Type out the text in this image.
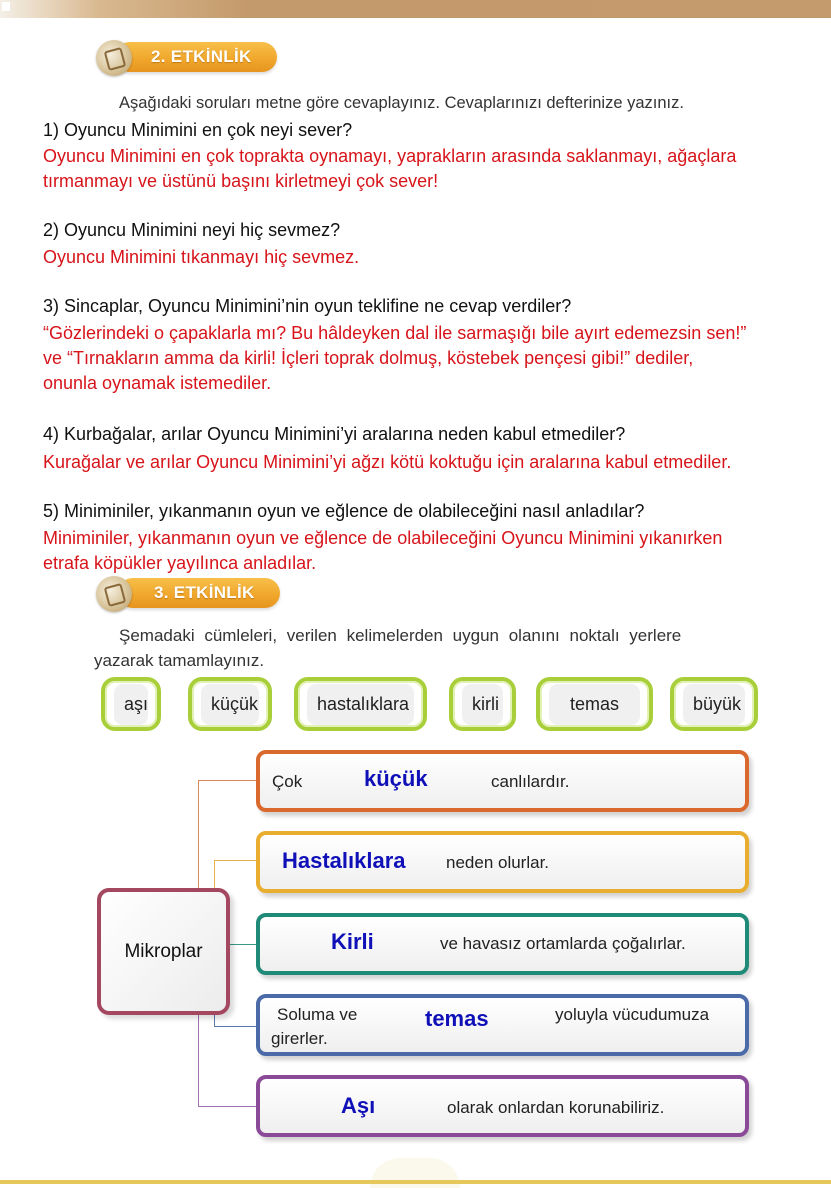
2. ETKİNLİK
Aşağıdaki soruları metne göre cevaplayınız. Cevaplarınızı defterinize yazınız.
1) Oyuncu Minimini en çok neyi sever?
Oyuncu Minimini en çok toprakta oynamayı, yaprakların arasında saklanmayı, ağaçlara
tırmanmayı ve üstünü başını kirletmeyi çok sever!
2) Oyuncu Minimini neyi hiç sevmez?
Oyuncu Minimini tıkanmayı hiç sevmez.
3) Sincaplar, Oyuncu Minimini’nin oyun teklifine ne cevap verdiler?
“Gözlerindeki o çapaklarla mı? Bu hâldeyken dal ile sarmaşığı bile ayırt edemezsin sen!”
ve “Tırnakların amma da kirli! İçleri toprak dolmuş, köstebek pençesi gibi!” dediler,
onunla oynamak istemediler.
4) Kurbağalar, arılar Oyuncu Minimini’yi aralarına neden kabul etmediler?
Kurağalar ve arılar Oyuncu Minimini’yi ağzı kötü koktuğu için aralarına kabul etmediler.
5) Miniminiler, yıkanmanın oyun ve eğlence de olabileceğini nasıl anladılar?
Miniminiler, yıkanmanın oyun ve eğlence de olabileceğini Oyuncu Minimini yıkanırken
etrafa köpükler yayılınca anladılar.
3. ETKİNLİK
Şemadaki cümleleri, verilen kelimelerden uygun olanını noktalı yerlere
yazarak tamamlayınız.
aşı	küçük	hastalıklara	kirli	temas	büyük
Mikroplar
Çok	küçük	canlılardır.
Hastalıklara neden olurlar.
Kirli	ve havasız ortamlarda çoğalırlar.
Soluma ve	temas	yoluyla vücudumuza
girerler.
Aşı	olarak onlardan korunabiliriz.
